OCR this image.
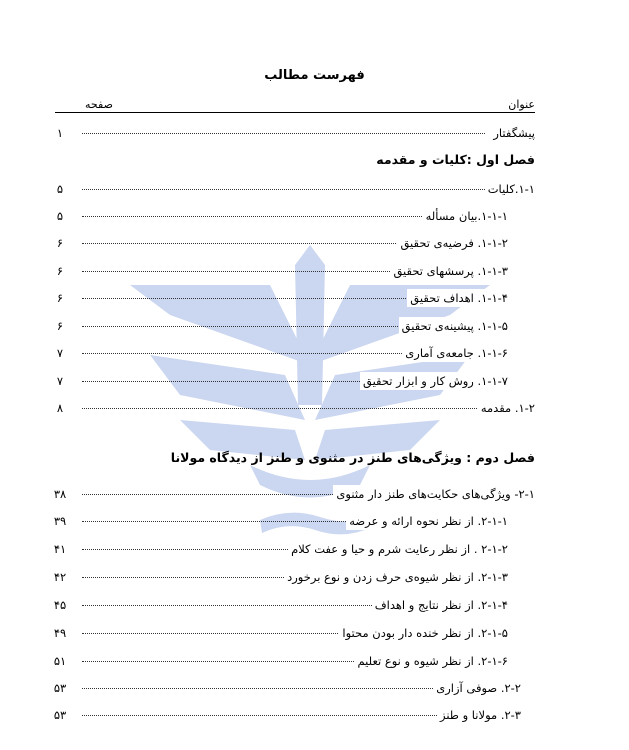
فهرست مطالب
عنوان
صفحه
پیشگفتار
۱
فصل اول :کلیات و مقدمه
فصل دوم : ویژگی‌های طنز در مثنوی و طنز از دیدگاه مولانا
۱-۱.کلیات
۵
۱-۱-۱.بیان مسأله
۵
۱-۱-۲. فرضیه‌ی تحقیق
۶
۱-۱-۳. پرسشهای تحقیق
۶
۱-۱-۴. اهداف تحقیق
۶
۱-۱-۵. پیشینه‌ی تحقیق
۶
۱-۱-۶. جامعه‌ی آماری
۷
۱-۱-۷. روش کار و ابزار تحقیق
۷
۱-۲. مقدمه
۸
۲-۱- ویژگی‌های حکایت‌های طنز دار مثنوی
۳۸
۲-۱-۱. از نظر نحوه ارائه و عرضه
۳۹
۲-۱-۲ . از نظر رعایت شرم و حیا و عفت کلام
۴۱
۲-۱-۳. از نظر شیوه‌ی حرف زدن و نوع برخورد
۴۲
۲-۱-۴. از نظر نتایج و اهداف
۴۵
۲-۱-۵. از نظر خنده دار بودن محتوا
۴۹
۲-۱-۶. از نظر شیوه و نوع تعلیم
۵۱
۲-۲. صوفی آزاری
۵۳
۲-۳. مولانا و طنز
۵۳
